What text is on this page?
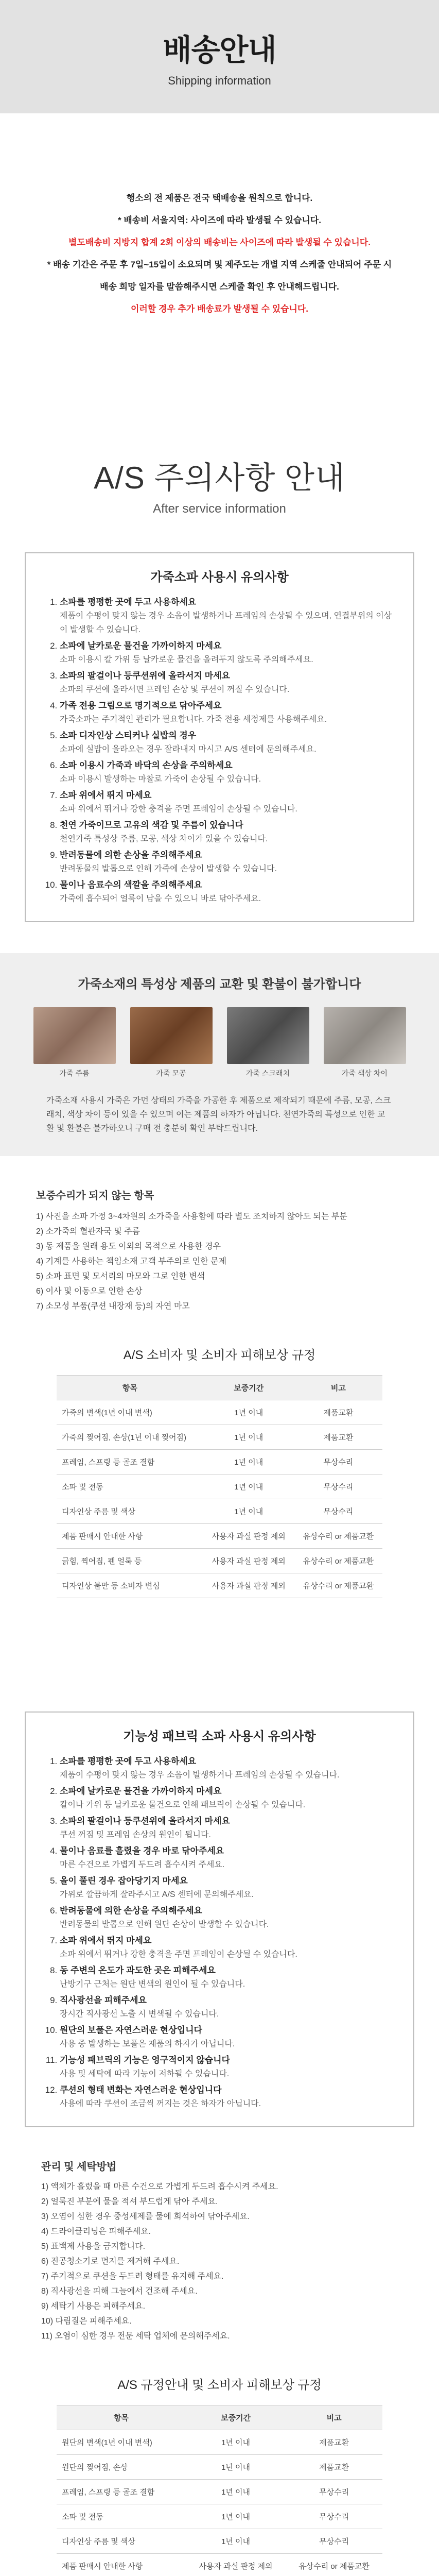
배송안내
Shipping information
행소의 전 제품은 전국 택배송을 원칙으로 합니다.
* 배송비 서울지역: 사이즈에 따라 발생될 수 있습니다.
별도배송비 지방지 합계 2회 이상의 배송비는 사이즈에 따라 발생될 수 있습니다.
* 배송 기간은 주문 후 7일~15일이 소요되며 및 제주도는 개별 지역 스케줄 안내되어 주문 시
배송 희망 일자를 말씀해주시면 스케줄 확인 후 안내해드립니다.
이러할 경우 추가 배송료가 발생될 수 있습니다.
A/S 주의사항 안내
After service information
가죽소파 사용시 유의사항
1. 소파를 평평한 곳에 두고 사용하세요
제품이 수평이 맞지 않는 경우 소음이 발생하거나 프레임의 손상될 수 있으며, 연결부위의 이상이 발생할 수 있습니다.
2. 소파에 날카로운 물건을 가까이하지 마세요
소파 이용시 칼 가위 등 날카로운 물건을 올려두지 않도록 주의해주세요.
3. 소파의 팔걸이나 등쿠션위에 올라서지 마세요
소파의 쿠션에 올라서면 프레임 손상 및 쿠션이 꺼질 수 있습니다.
4. 가족 전용 그림으로 명기적으로 닦아주세요
가죽소파는 주기적인 관리가 필요합니다. 가죽 전용 세정제를 사용해주세요.
5. 소파 디자인상 스티커나 실밥의 경우
소파에 실밥이 올라오는 경우 잘라내지 마시고 A/S 센터에 문의해주세요.
6. 소파 이용시 가죽과 바닥의 손상을 주의하세요
소파 이용시 발생하는 마찰로 가죽이 손상될 수 있습니다.
7. 소파 위에서 뛰지 마세요
소파 위에서 뛰거나 강한 충격을 주면 프레임이 손상될 수 있습니다.
8. 천연 가죽이므로 고유의 색감 및 주름이 있습니다
천연가죽 특성상 주름, 모공, 색상 차이가 있을 수 있습니다.
9. 반려동물에 의한 손상을 주의해주세요
반려동물의 발톱으로 인해 가죽에 손상이 발생할 수 있습니다.
10. 물이나 음료수의 색깔을 주의해주세요
가죽에 흡수되어 얼룩이 남을 수 있으니 바로 닦아주세요.
가죽소재의 특성상 제품의 교환 및 환불이 불가합니다
가죽 주름	가죽 모공	가죽 스크래치	가죽 색상 차이

가죽소재 사용시 가죽은 가먼 상태의 가죽을 가공한 후 제품으로 제작되기 때문에 주름, 모공, 스크래치, 색상 차이 등이 있을 수 있으며 이는 제품의 하자가 아닙니다. 천연가죽의 특성으로 인한 교환 및 환불은 불가하오니 구매 전 충분히 확인 부탁드립니다.

보증수리가 되지 않는 항목
1) 사진을 소파 가정 3~4차원의 소가죽을 사용함에 따라 별도 조치하지 않아도 되는 부분
2) 소가죽의 혈관자국 및 주름
3) 동 제품을 원래 용도 이외의 목적으로 사용한 경우
4) 기계를 사용하는 책임소재 고객 부주의로 인한 문제
5) 소파 표면 및 모서리의 마모와 그로 인한 변색
6) 이사 및 이동으로 인한 손상
7) 소모성 부품(쿠션 내장재 등)의 자연 마모
A/S 소비자 및 소비자 피해보상 규정
항목	보증기간	비고
가죽의 변색(1년 이내 변색)	1년 이내	제품교환
가죽의 찢어짐, 손상(1년 이내 찢어짐)	1년 이내	제품교환
프레임, 스프링 등 골조 결함	1년 이내	무상수리
소파 및 전동	1년 이내	무상수리
디자인상 주름 및 색상	1년 이내	무상수리
제품 판매시 안내한 사항	사용자 과실 판정 제외	유상수리 or 제품교환
긁힘, 찍어짐, 펜 얼룩 등	사용자 과실 판정 제외	유상수리 or 제품교환
디자인상 불만 등 소비자 변심	사용자 과실 판정 제외	유상수리 or 제품교환
기능성 패브릭 소파 사용시 유의사항
1. 소파를 평평한 곳에 두고 사용하세요
제품이 수평이 맞지 않는 경우 소음이 발생하거나 프레임의 손상될 수 있습니다.
2. 소파에 날카로운 물건을 가까이하지 마세요
칼이나 가위 등 날카로운 물건으로 인해 패브릭이 손상될 수 있습니다.
3. 소파의 팔걸이나 등쿠션위에 올라서지 마세요
쿠션 꺼짐 및 프레임 손상의 원인이 됩니다.
4. 물이나 음료를 흘렸을 경우 바로 닦아주세요
마른 수건으로 가볍게 두드려 흡수시켜 주세요.
5. 올이 풀린 경우 잡아당기지 마세요
가위로 깔끔하게 잘라주시고 A/S 센터에 문의해주세요.
6. 반려동물에 의한 손상을 주의해주세요
반려동물의 발톱으로 인해 원단 손상이 발생할 수 있습니다.
7. 소파 위에서 뛰지 마세요
소파 위에서 뛰거나 강한 충격을 주면 프레임이 손상될 수 있습니다.
8. 동 주변의 온도가 과도한 곳은 피해주세요
난방기구 근처는 원단 변색의 원인이 될 수 있습니다.
9. 직사광선을 피해주세요
장시간 직사광선 노출 시 변색될 수 있습니다.
10. 원단의 보풀은 자연스러운 현상입니다
사용 중 발생하는 보풀은 제품의 하자가 아닙니다.
11. 기능성 패브릭의 기능은 영구적이지 않습니다
사용 및 세탁에 따라 기능이 저하될 수 있습니다.
12. 쿠션의 형태 변화는 자연스러운 현상입니다
사용에 따라 쿠션이 조금씩 꺼지는 것은 하자가 아닙니다.
관리 및 세탁방법
1) 액체가 흘렀을 때 마른 수건으로 가볍게 두드려 흡수시켜 주세요.
2) 얼룩진 부분에 물을 적셔 부드럽게 닦아 주세요.
3) 오염이 심한 경우 중성세제를 물에 희석하여 닦아주세요.
4) 드라이클리닝은 피해주세요.
5) 표백제 사용을 금지합니다.
6) 진공청소기로 먼지를 제거해 주세요.
7) 주기적으로 쿠션을 두드려 형태를 유지해 주세요.
8) 직사광선을 피해 그늘에서 건조해 주세요.
9) 세탁기 사용은 피해주세요.
10) 다림질은 피해주세요.
11) 오염이 심한 경우 전문 세탁 업체에 문의해주세요.
A/S 규정안내 및 소비자 피해보상 규정
항목	보증기간	비고
원단의 변색(1년 이내 변색)	1년 이내	제품교환
원단의 찢어짐, 손상	1년 이내	제품교환
프레임, 스프링 등 골조 결함	1년 이내	무상수리
소파 및 전동	1년 이내	무상수리
디자인상 주름 및 색상	1년 이내	무상수리
제품 판매시 안내한 사항	사용자 과실 판정 제외	유상수리 or 제품교환
